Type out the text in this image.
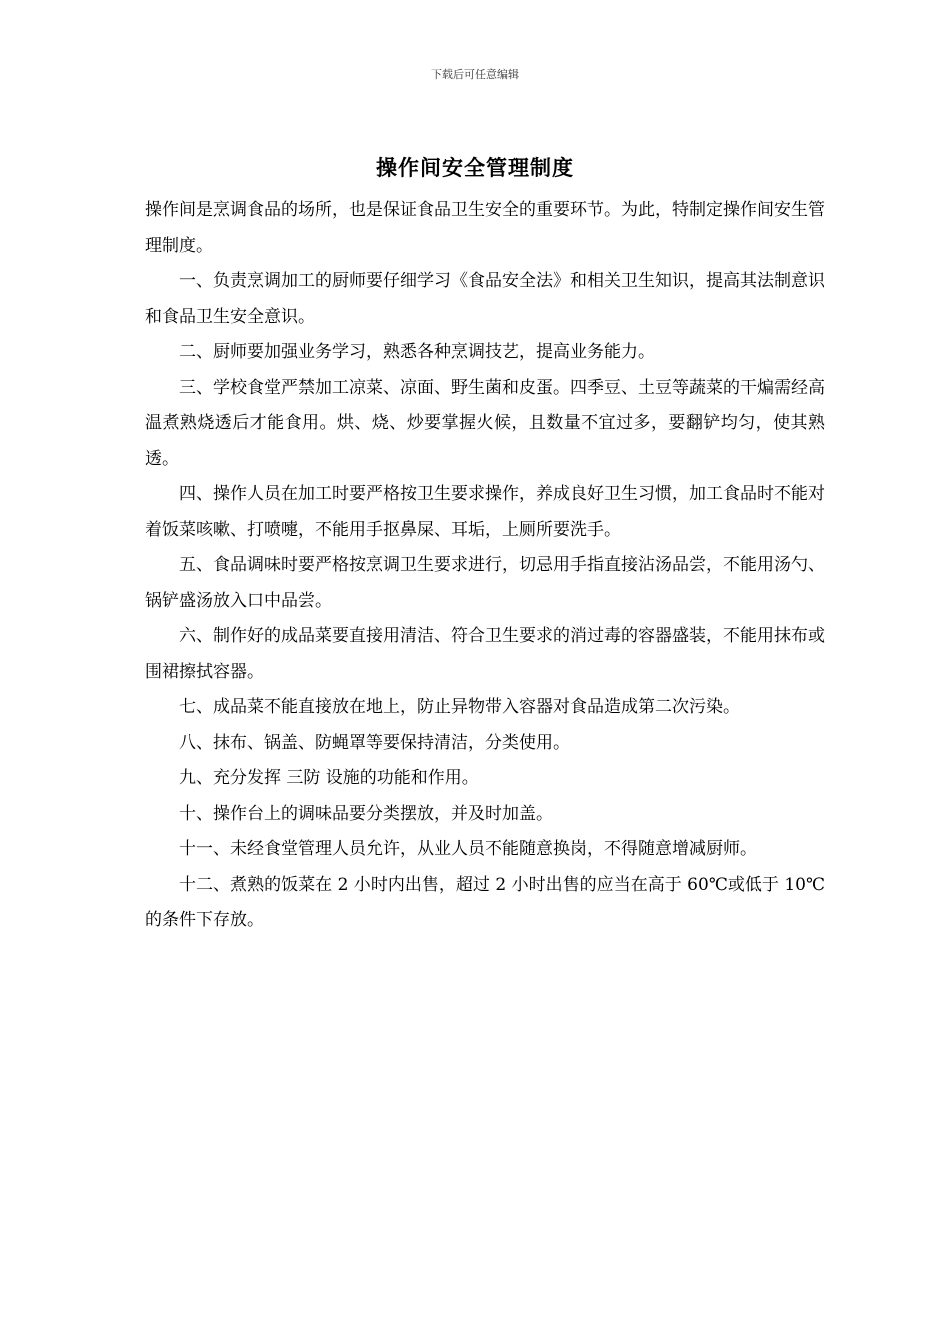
下载后可任意编辑
操作间安全管理制度

操作间是烹调食品的场所，也是保证食品卫生安全的重要环节。为此，特制定操作间安生管理制度。

一、负责烹调加工的厨师要仔细学习《食品安全法》和相关卫生知识，提高其法制意识和食品卫生安全意识。

二、厨师要加强业务学习，熟悉各种烹调技艺，提高业务能力。

三、学校食堂严禁加工凉菜、凉面、野生菌和皮蛋。四季豆、土豆等蔬菜的干煸需经高温煮熟烧透后才能食用。烘、烧、炒要掌握火候，且数量不宜过多，要翻铲均匀，使其熟透。

四、操作人员在加工时要严格按卫生要求操作，养成良好卫生习惯，加工食品时不能对着饭菜咳嗽、打喷嚏，不能用手抠鼻屎、耳垢，上厕所要洗手。

五、食品调味时要严格按烹调卫生要求进行，切忌用手指直接沾汤品尝，不能用汤勺、锅铲盛汤放入口中品尝。

六、制作好的成品菜要直接用清洁、符合卫生要求的消过毒的容器盛装，不能用抹布或围裙擦拭容器。

七、成品菜不能直接放在地上，防止异物带入容器对食品造成第二次污染。

八、抹布、锅盖、防蝇罩等要保持清洁，分类使用。

九、充分发挥 三防 设施的功能和作用。

十、操作台上的调味品要分类摆放，并及时加盖。

十一、未经食堂管理人员允许，从业人员不能随意换岗，不得随意增减厨师。

十二、煮熟的饭菜在 2 小时内出售，超过 2 小时出售的应当在高于 60℃或低于 10℃的条件下存放。
